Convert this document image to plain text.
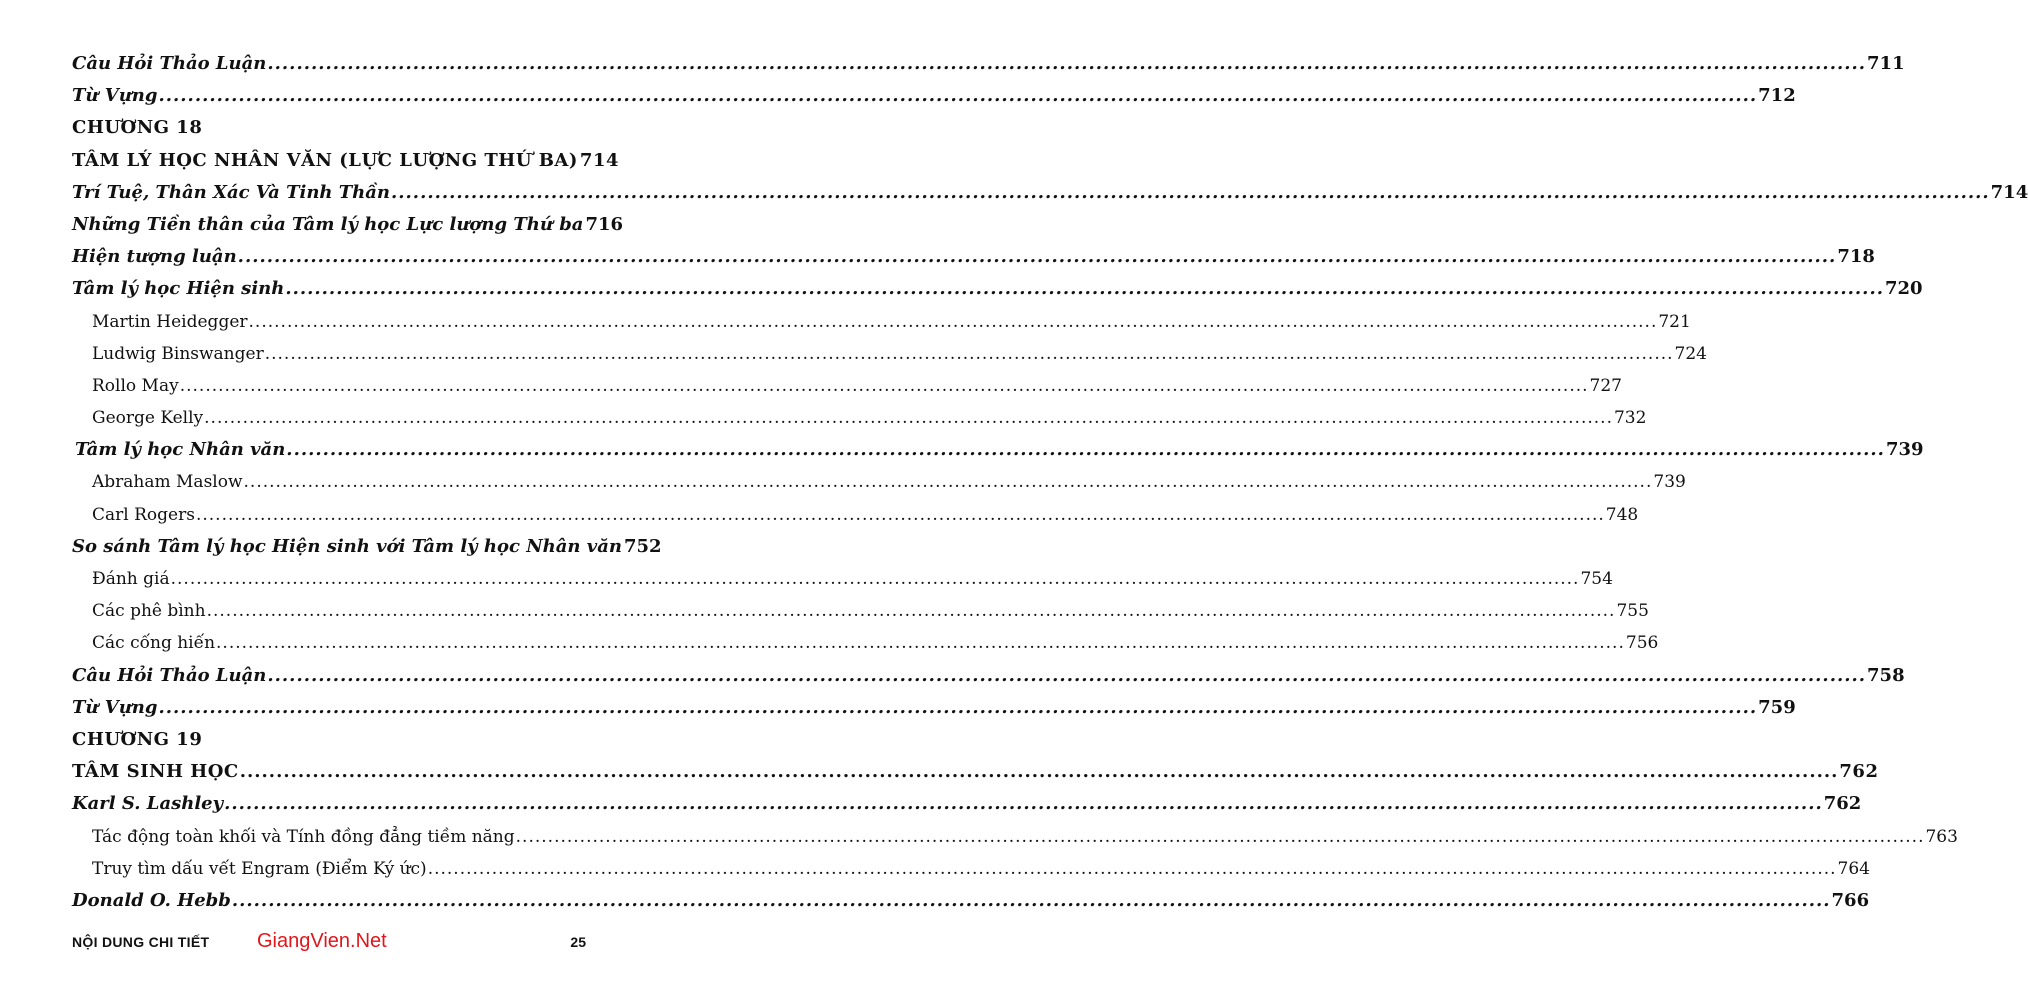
Câu Hỏi Thảo Luận ............................................................................................................................................................................................................................ 711
Từ Vựng ............................................................................................................................................................................................................................ 712
CHƯƠNG 18
TÂM LÝ HỌC NHÂN VĂN (LỰC LƯỢNG THỨ BA) 714
Trí Tuệ, Thân Xác Và Tinh Thần ............................................................................................................................................................................................................................ 714
Những Tiền thân của Tâm lý học Lực lượng Thứ ba 716
Hiện tượng luận ............................................................................................................................................................................................................................ 718
Tâm lý học Hiện sinh ............................................................................................................................................................................................................................ 720
Martin Heidegger ............................................................................................................................................................................................................................ 721
Ludwig Binswanger ............................................................................................................................................................................................................................ 724
Rollo May ............................................................................................................................................................................................................................ 727
George Kelly ............................................................................................................................................................................................................................ 732
Tâm lý học Nhân văn ............................................................................................................................................................................................................................ 739
Abraham Maslow ............................................................................................................................................................................................................................ 739
Carl Rogers ............................................................................................................................................................................................................................ 748
So sánh Tâm lý học Hiện sinh với Tâm lý học Nhân văn 752
Đánh giá ............................................................................................................................................................................................................................ 754
Các phê bình ............................................................................................................................................................................................................................ 755
Các cống hiến ............................................................................................................................................................................................................................ 756
Câu Hỏi Thảo Luận ............................................................................................................................................................................................................................ 758
Từ Vựng ............................................................................................................................................................................................................................ 759
CHƯƠNG 19
TÂM SINH HỌC ............................................................................................................................................................................................................................ 762
Karl S. Lashley ............................................................................................................................................................................................................................ 762
Tác động toàn khối và Tính đồng đẳng tiềm năng ............................................................................................................................................................................................................................ 763
Truy tìm dấu vết Engram (Điểm Ký ức) ............................................................................................................................................................................................................................ 764
Donald O. Hebb ............................................................................................................................................................................................................................ 766
NỘI DUNG CHI TIẾT GiangVien.Net	25
